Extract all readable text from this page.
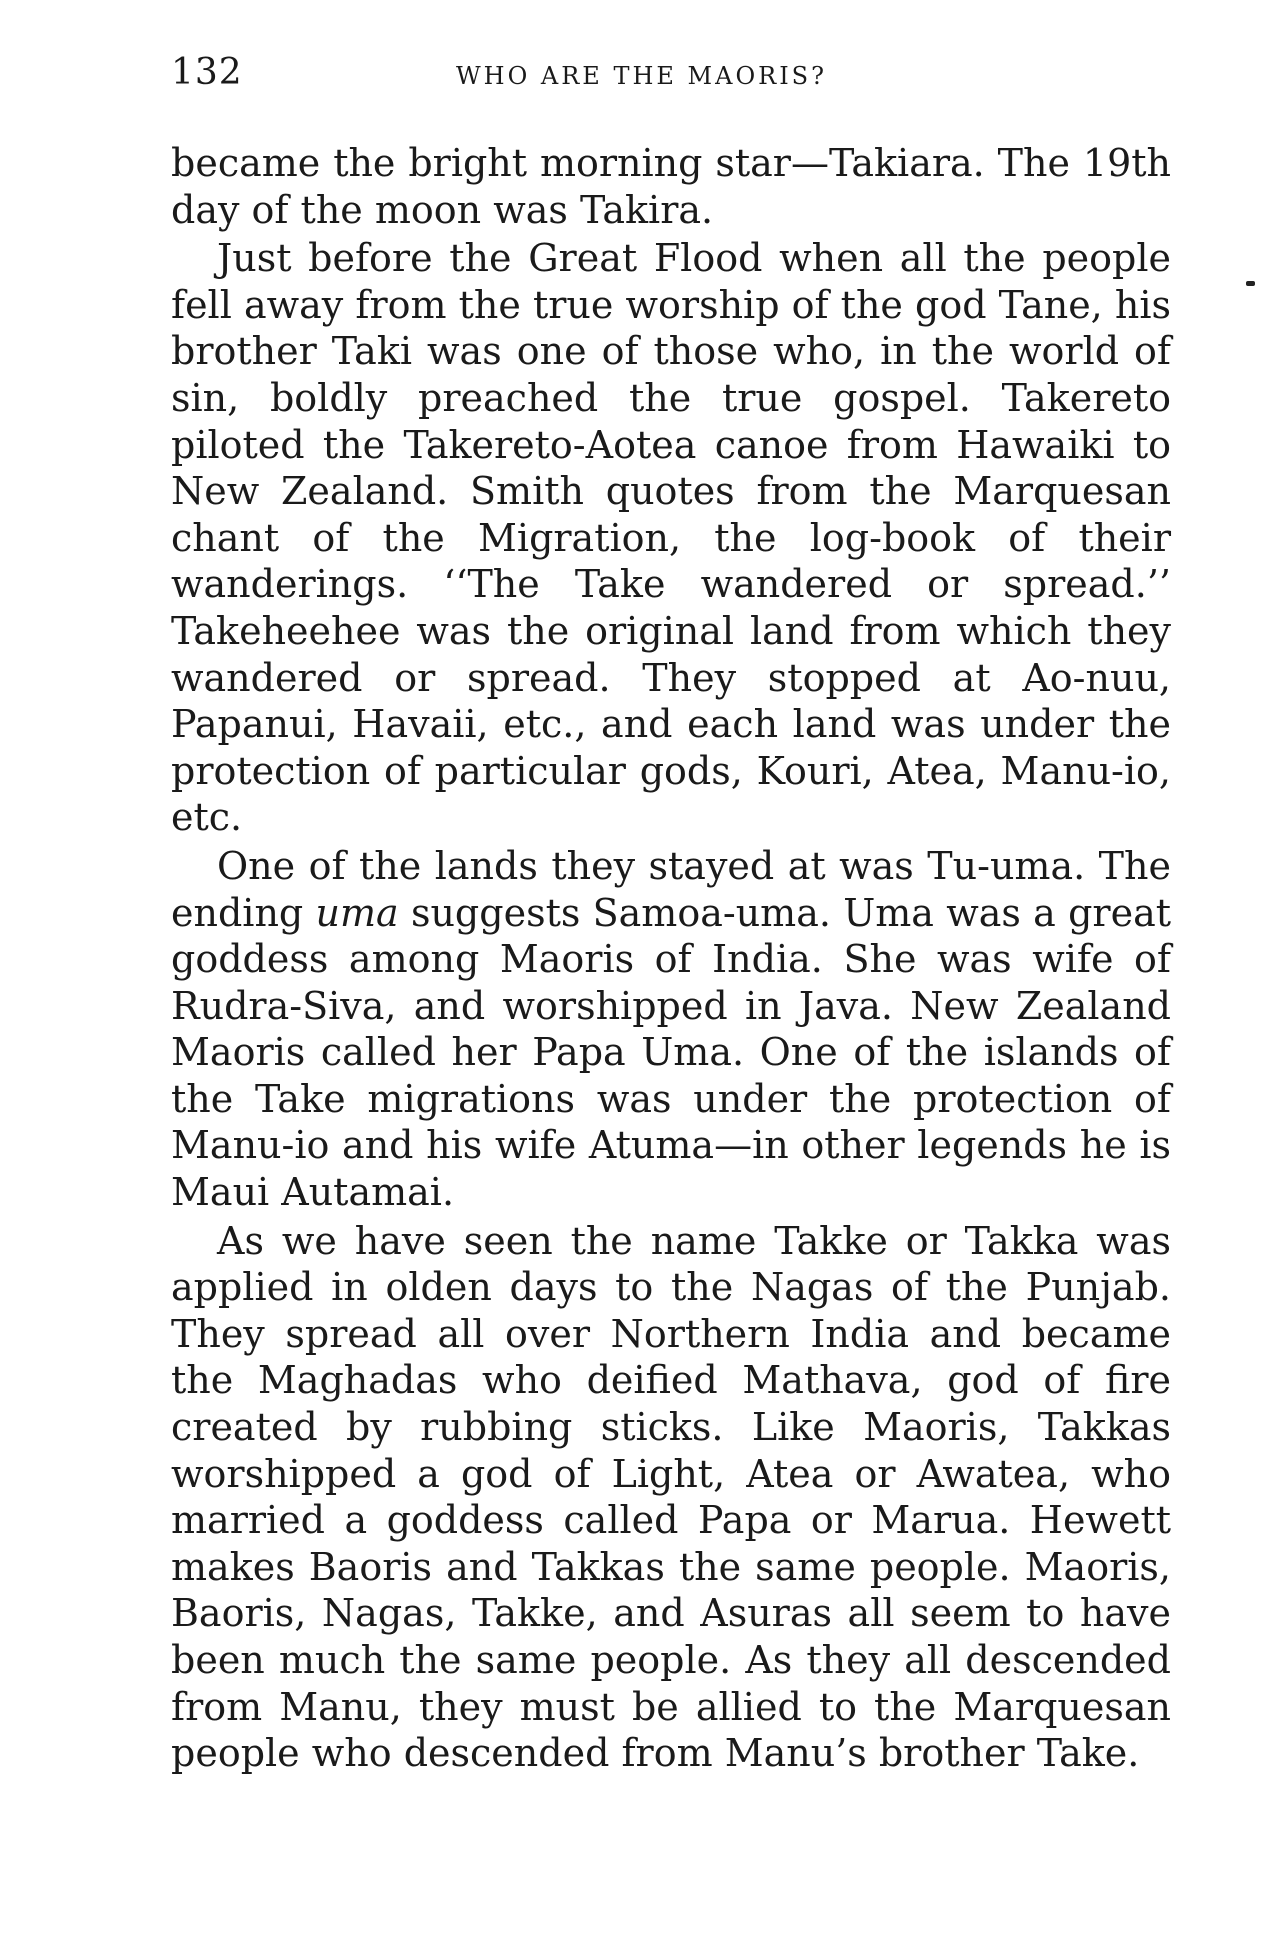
132	WHO ARE THE MAORIS?

became the bright morning star—Takiara. The 19th day of the moon was Takira.

Just before the Great Flood when all the people fell away from the true worship of the god Tane, his brother Taki was one of those who, in the world of sin, boldly preached the true gospel. Takereto piloted the Takereto-Aotea canoe from Hawaiki to New Zealand. Smith quotes from the Marquesan chant of the Migration, the log-book of their wanderings. ‘‘The Take wandered or spread.’’ Takeheehee was the original land from which they wandered or spread. They stopped at Ao-nuu, Papanui, Havaii, etc., and each land was under the protection of particular gods, Kouri, Atea, Manu-io, etc.

One of the lands they stayed at was Tu-uma. The ending uma suggests Samoa-uma. Uma was a great goddess among Maoris of India. She was wife of Rudra-Siva, and worshipped in Java. New Zealand Maoris called her Papa Uma. One of the islands of the Take migrations was under the protection of Manu-io and his wife Atuma—in other legends he is Maui Autamai.

As we have seen the name Takke or Takka was applied in olden days to the Nagas of the Punjab. They spread all over Northern India and became the Maghadas who deified Mathava, god of fire created by rubbing sticks. Like Maoris, Takkas worshipped a god of Light, Atea or Awatea, who married a goddess called Papa or Marua. Hewett makes Baoris and Takkas the same people. Maoris, Baoris, Nagas, Takke, and Asuras all seem to have been much the same people. As they all descended from Manu, they must be allied to the Marquesan people who descended from Manu’s brother Take.
